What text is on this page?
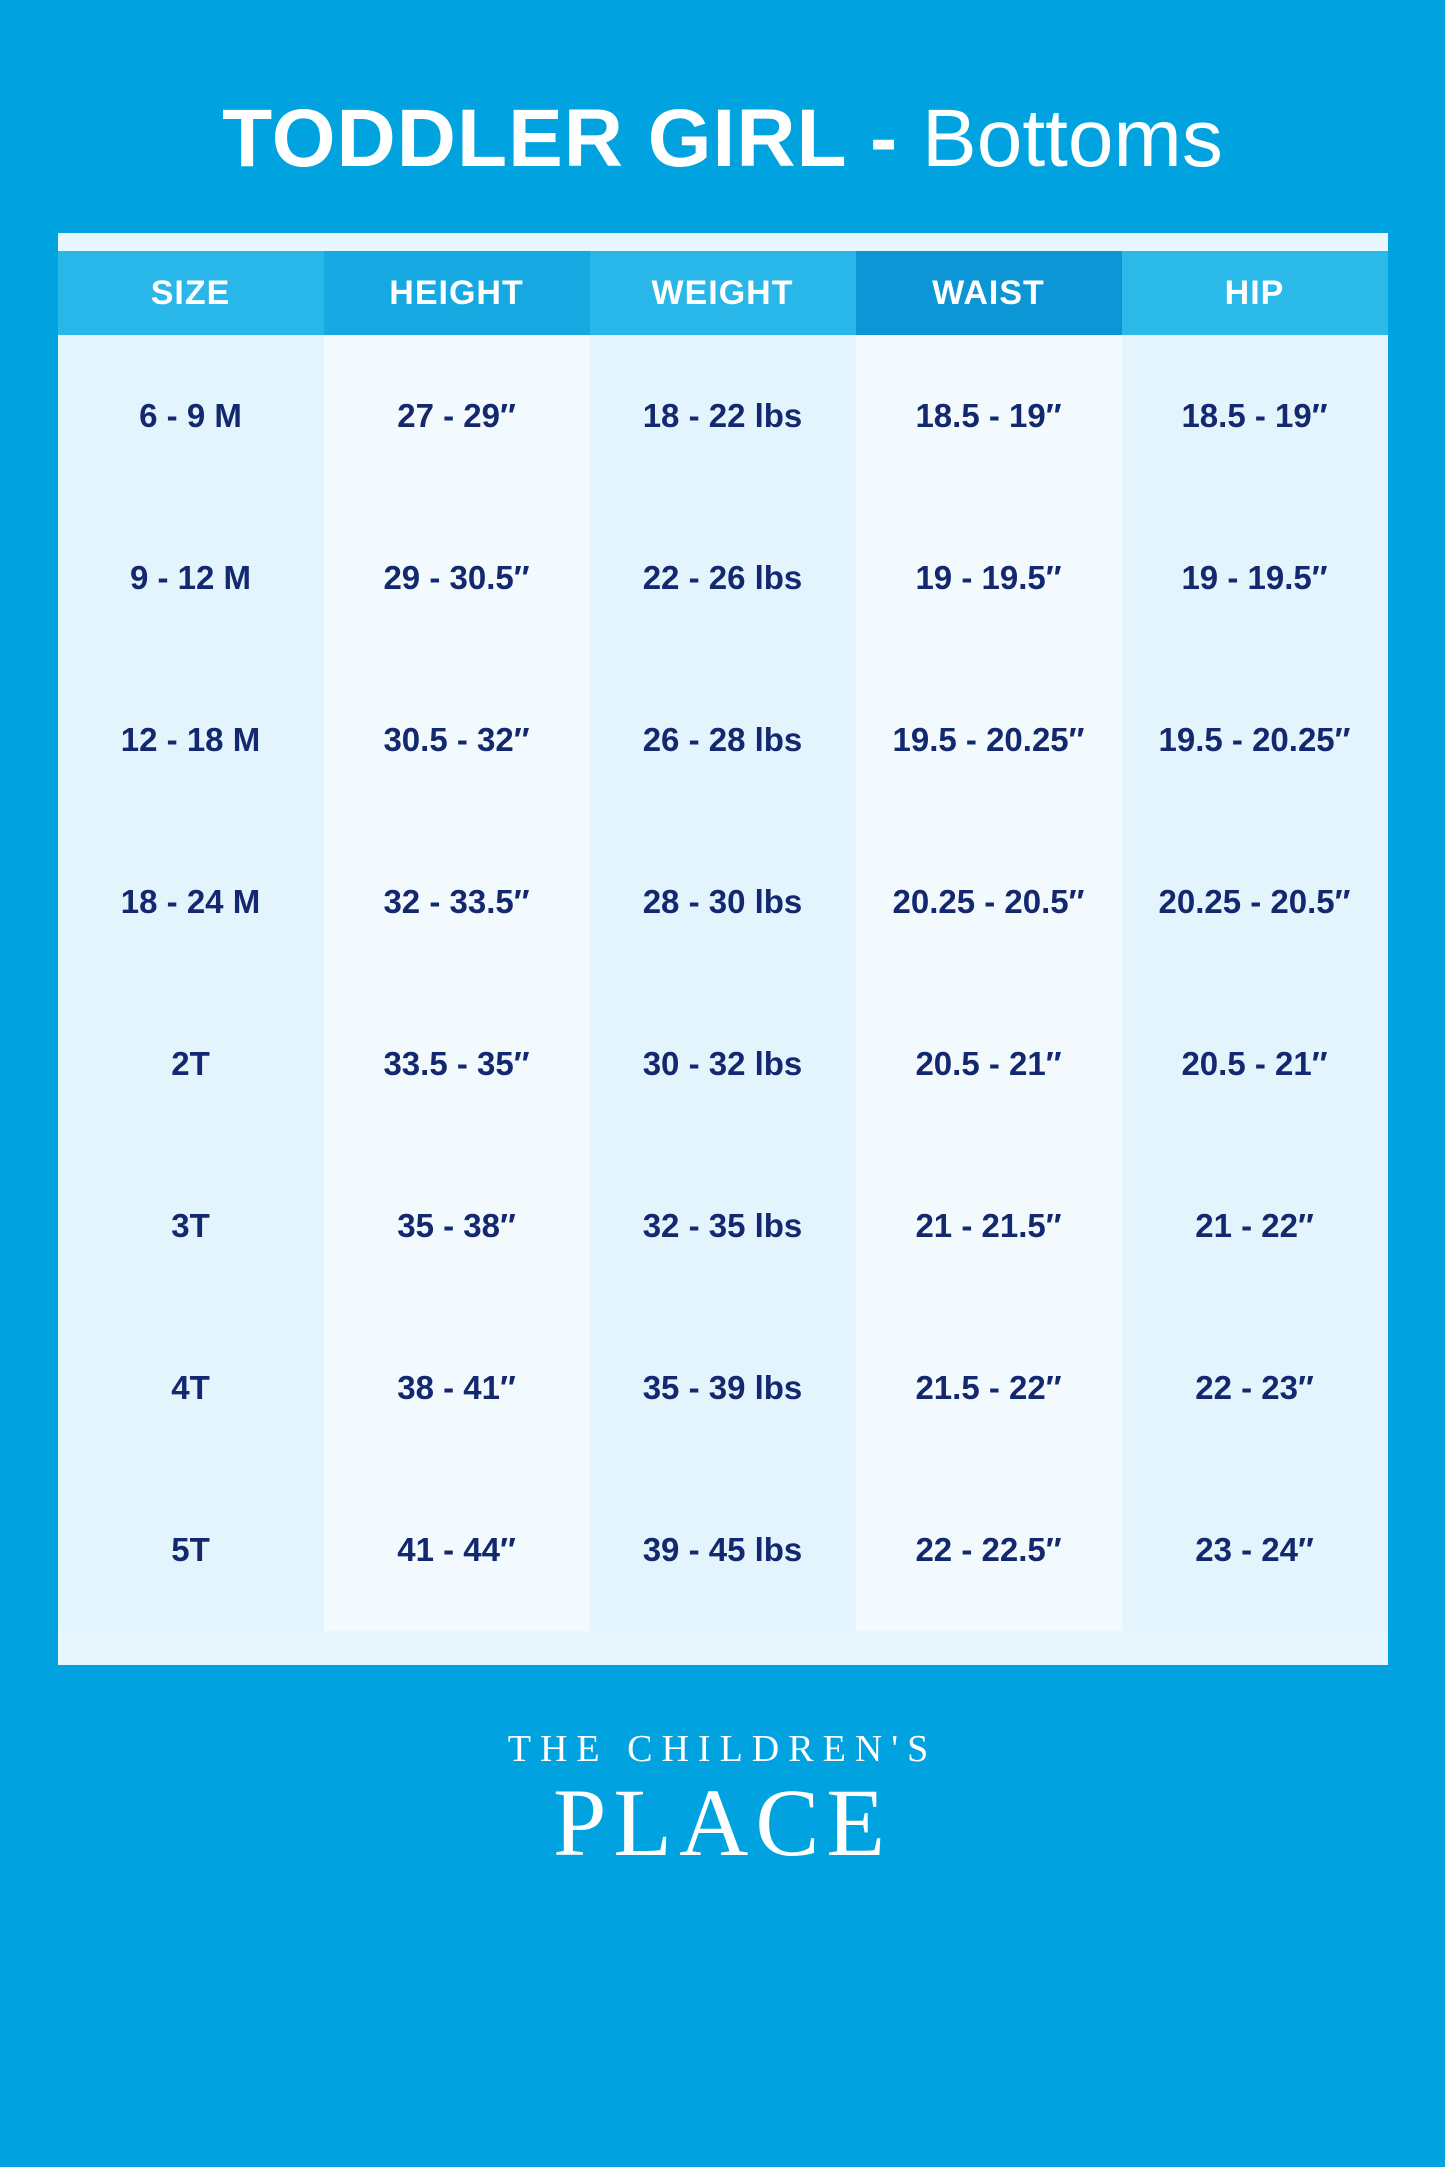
TODDLER GIRL - Bottoms
SIZE	HEIGHT	WEIGHT	WAIST	HIP
6 - 9 M	27 - 29″	18 - 22 lbs	18.5 - 19″	18.5 - 19″
9 - 12 M	29 - 30.5″	22 - 26 lbs	19 - 19.5″	19 - 19.5″
12 - 18 M	30.5 - 32″	26 - 28 lbs	19.5 - 20.25″	19.5 - 20.25″
18 - 24 M	32 - 33.5″	28 - 30 lbs	20.25 - 20.5″	20.25 - 20.5″
2T	33.5 - 35″	30 - 32 lbs	20.5 - 21″	20.5 - 21″
3T	35 - 38″	32 - 35 lbs	21 - 21.5″	21 - 22″
4T	38 - 41″	35 - 39 lbs	21.5 - 22″	22 - 23″
5T	41 - 44″	39 - 45 lbs	22 - 22.5″	23 - 24″
THE CHILDREN'S
PLACE
